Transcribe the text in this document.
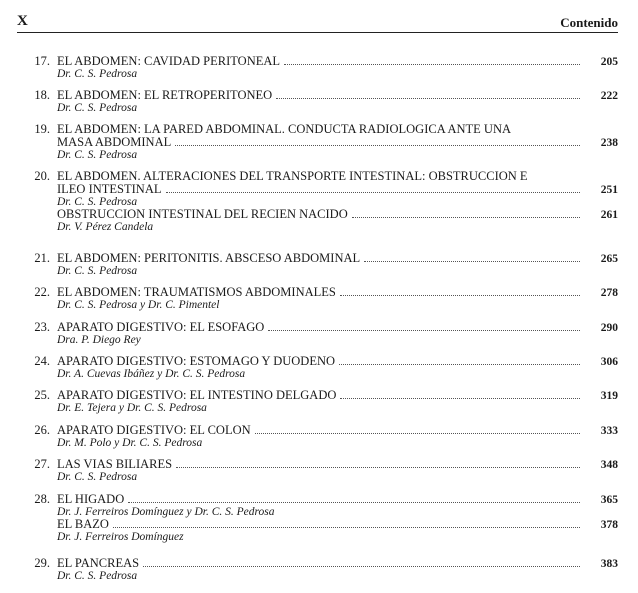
X	Contenido
17. EL ABDOMEN: CAVIDAD PERITONEAL	205
Dr. C. S. Pedrosa
18. EL ABDOMEN: EL RETROPERITONEO	222
Dr. C. S. Pedrosa
19. EL ABDOMEN: LA PARED ABDOMINAL. CONDUCTA RADIOLOGICA ANTE UNA
MASA ABDOMINAL	238
Dr. C. S. Pedrosa
20. EL ABDOMEN. ALTERACIONES DEL TRANSPORTE INTESTINAL: OBSTRUCCION E
ILEO INTESTINAL	251
Dr. C. S. Pedrosa
OBSTRUCCION INTESTINAL DEL RECIEN NACIDO	261
Dr. V. Pérez Candela
21. EL ABDOMEN: PERITONITIS. ABSCESO ABDOMINAL	265
Dr. C. S. Pedrosa
22. EL ABDOMEN: TRAUMATISMOS ABDOMINALES	278
Dr. C. S. Pedrosa y Dr. C. Pimentel
23. APARATO DIGESTIVO: EL ESOFAGO	290
Dra. P. Diego Rey
24. APARATO DIGESTIVO: ESTOMAGO Y DUODENO	306
Dr. A. Cuevas Ibáñez y Dr. C. S. Pedrosa
25. APARATO DIGESTIVO: EL INTESTINO DELGADO	319
Dr. E. Tejera y Dr. C. S. Pedrosa
26. APARATO DIGESTIVO: EL COLON	333
Dr. M. Polo y Dr. C. S. Pedrosa
27. LAS VIAS BILIARES	348
Dr. C. S. Pedrosa
28. EL HIGADO	365
Dr. J. Ferreiros Domínguez y Dr. C. S. Pedrosa
EL BAZO	378
Dr. J. Ferreiros Domínguez
29. EL PANCREAS	383
Dr. C. S. Pedrosa
